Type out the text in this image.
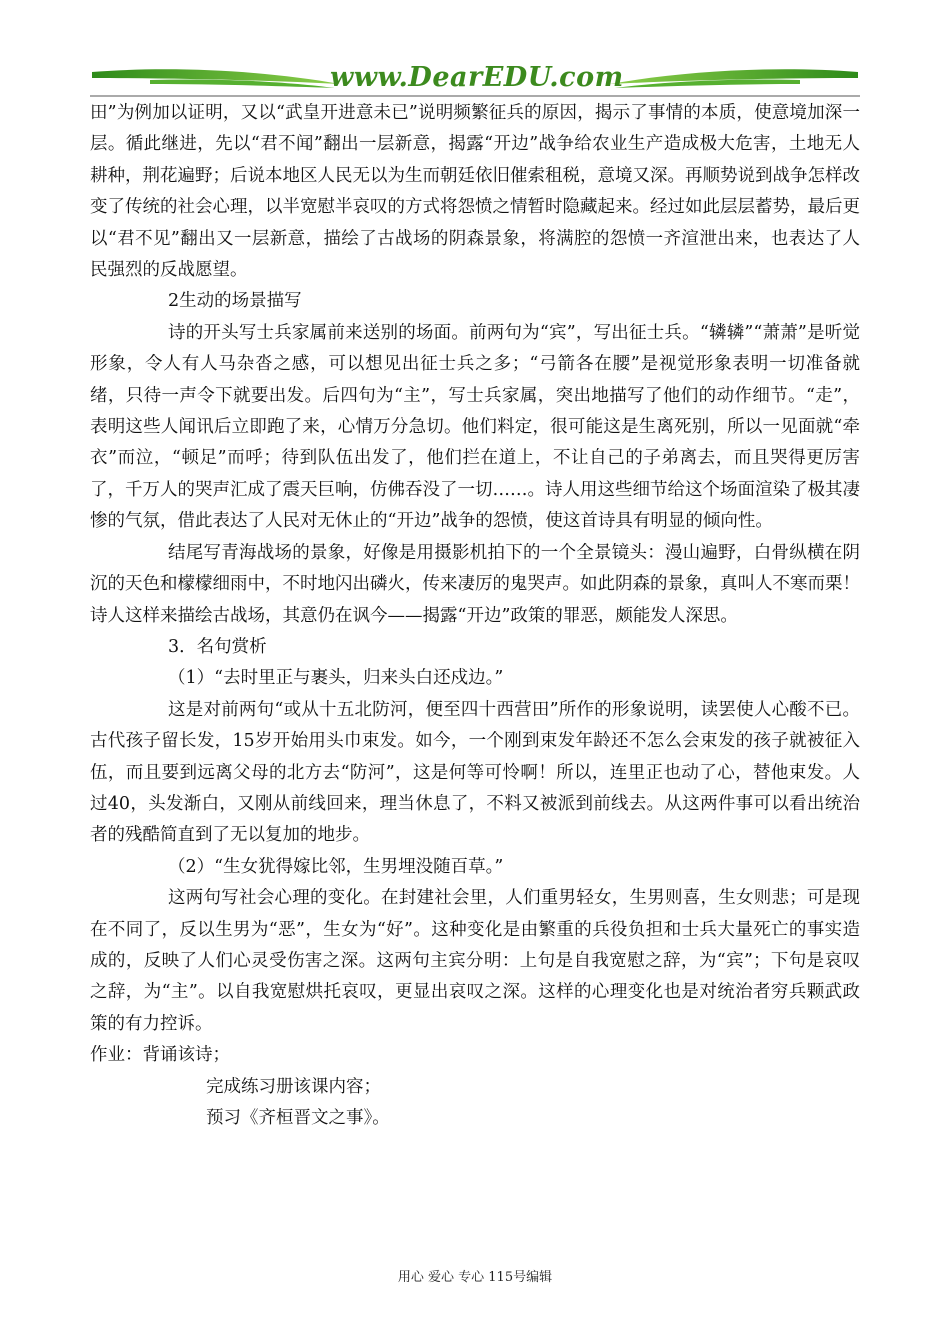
www.DearEDU.com

田”为例加以证明，又以“武皇开进意未已”说明频繁征兵的原因，揭示了事情的本质，使意境加深一层。循此继进，先以“君不闻”翻出一层新意，揭露“开边”战争给农业生产造成极大危害，土地无人耕种，荆花遍野；后说本地区人民无以为生而朝廷依旧催索租税，意境又深。再顺势说到战争怎样改变了传统的社会心理，以半宽慰半哀叹的方式将怨愤之情暂时隐藏起来。经过如此层层蓄势，最后更以“君不见”翻出又一层新意，描绘了古战场的阴森景象，将满腔的怨愤一齐渲泄出来，也表达了人民强烈的反战愿望。

2生动的场景描写

诗的开头写士兵家属前来送别的场面。前两句为“宾”，写出征士兵。“辚辚”“萧萧”是听觉形象，令人有人马杂沓之感，可以想见出征士兵之多；“弓箭各在腰”是视觉形象表明一切准备就绪，只待一声令下就要出发。后四句为“主”，写士兵家属，突出地描写了他们的动作细节。“走”，表明这些人闻讯后立即跑了来，心情万分急切。他们料定，很可能这是生离死别，所以一见面就“牵衣”而泣，“顿足”而呼；待到队伍出发了，他们拦在道上，不让自己的子弟离去，而且哭得更厉害了，千万人的哭声汇成了震天巨响，仿佛吞没了一切……。诗人用这些细节给这个场面渲染了极其凄惨的气氛，借此表达了人民对无休止的“开边”战争的怨愤，使这首诗具有明显的倾向性。

结尾写青海战场的景象，好像是用摄影机拍下的一个全景镜头：漫山遍野，白骨纵横在阴沉的天色和檬檬细雨中，不时地闪出磷火，传来凄厉的鬼哭声。如此阴森的景象，真叫人不寒而栗！诗人这样来描绘古战场，其意仍在讽今——揭露“开边”政策的罪恶，颇能发人深思。

3．名句赏析

（1）“去时里正与裹头，归来头白还戍边。”

这是对前两句“或从十五北防河，便至四十西营田”所作的形象说明，读罢使人心酸不已。古代孩子留长发，15岁开始用头巾束发。如今，一个刚到束发年龄还不怎么会束发的孩子就被征入伍，而且要到远离父母的北方去“防河”，这是何等可怜啊！所以，连里正也动了心，替他束发。人过40，头发渐白，又刚从前线回来，理当休息了，不料又被派到前线去。从这两件事可以看出统治者的残酷简直到了无以复加的地步。

（2）“生女犹得嫁比邻，生男埋没随百草。”

这两句写社会心理的变化。在封建社会里，人们重男轻女，生男则喜，生女则悲；可是现在不同了，反以生男为“恶”，生女为“好”。这种变化是由繁重的兵役负担和士兵大量死亡的事实造成的，反映了人们心灵受伤害之深。这两句主宾分明：上句是自我宽慰之辞，为“宾”；下句是哀叹之辞，为“主”。以自我宽慰烘托哀叹，更显出哀叹之深。这样的心理变化也是对统治者穷兵颗武政策的有力控诉。

作业：背诵该诗；

完成练习册该课内容；

预习《齐桓晋文之事》。

用心 爱心 专心 115号编辑
